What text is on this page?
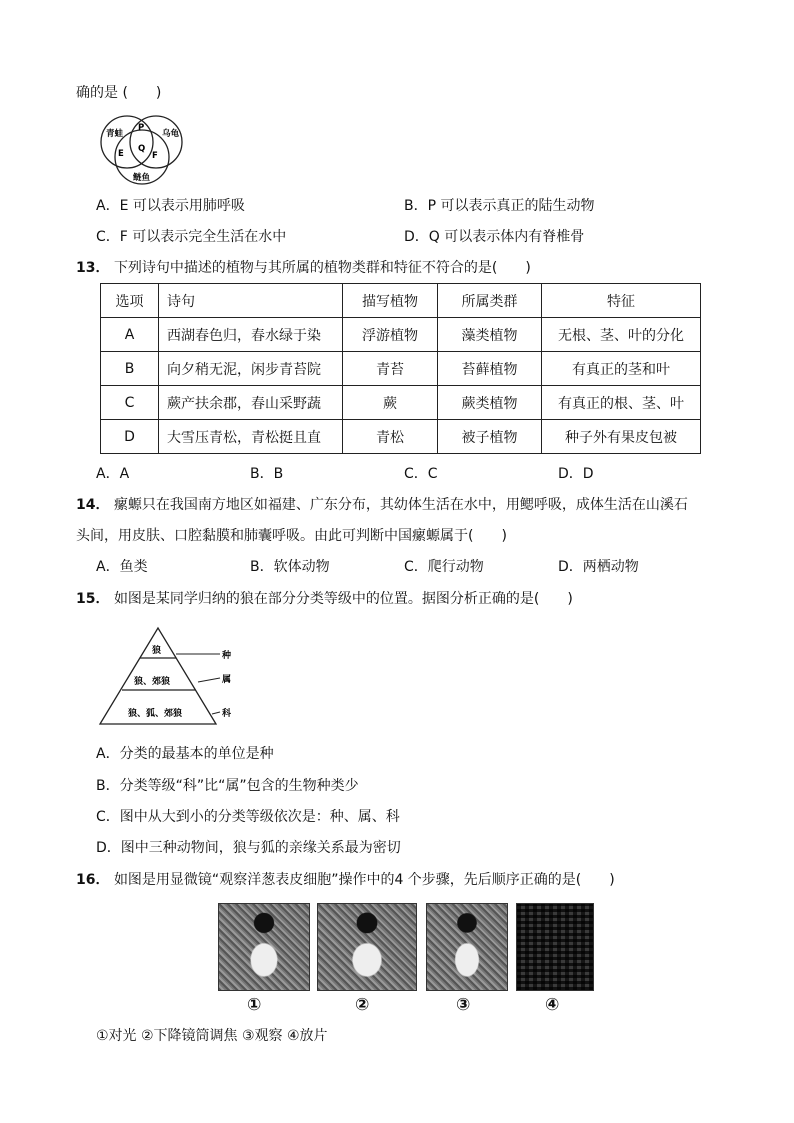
确的是 (　　)
青蛙	乌龟
鲢鱼
P
E Q
F
A．E 可以表示用肺呼吸	B．P 可以表示真正的陆生动物
C．F 可以表示完全生活在水中	D．Q 可以表示体内有脊椎骨
13． 下列诗句中描述的植物与其所属的植物类群和特征不符合的是(　　)
选项	诗句	描写植物	所属类群	特征
A	西湖春色归，春水绿于染	浮游植物	藻类植物	无根、茎、叶的分化
B	向夕稍无泥，闲步青苔院	青苔	苔藓植物	有真正的茎和叶
C	蕨产扶余郡，春山采野蔬	蕨	蕨类植物	有真正的根、茎、叶
D	大雪压青松，青松挺且直	青松	被子植物	种子外有果皮包被
A．A	B．B	C．C	D．D
14． 瘰螈只在我国南方地区如福建、广东分布，其幼体生活在水中，用鳃呼吸，成体生活在山溪石
头间，用皮肤、口腔黏膜和肺囊呼吸。由此可判断中国瘰螈属于(　　)
A．鱼类	B．软体动物	C．爬行动物	D．两栖动物
15． 如图是某同学归纳的狼在部分分类等级中的位置。据图分析正确的是(　　)
狼
狼、郊狼
狼、狐、郊狼
种
属
科
A．分类的最基本的单位是种
B．分类等级“科”比“属”包含的生物种类少
C．图中从大到小的分类等级依次是：种、属、科
D．图中三种动物间，狼与狐的亲缘关系最为密切
16． 如图是用显微镜“观察洋葱表皮细胞”操作中的4 个步骤，先后顺序正确的是(　　)
①	②	③	④
①对光 ②下降镜筒调焦 ③观察 ④放片
